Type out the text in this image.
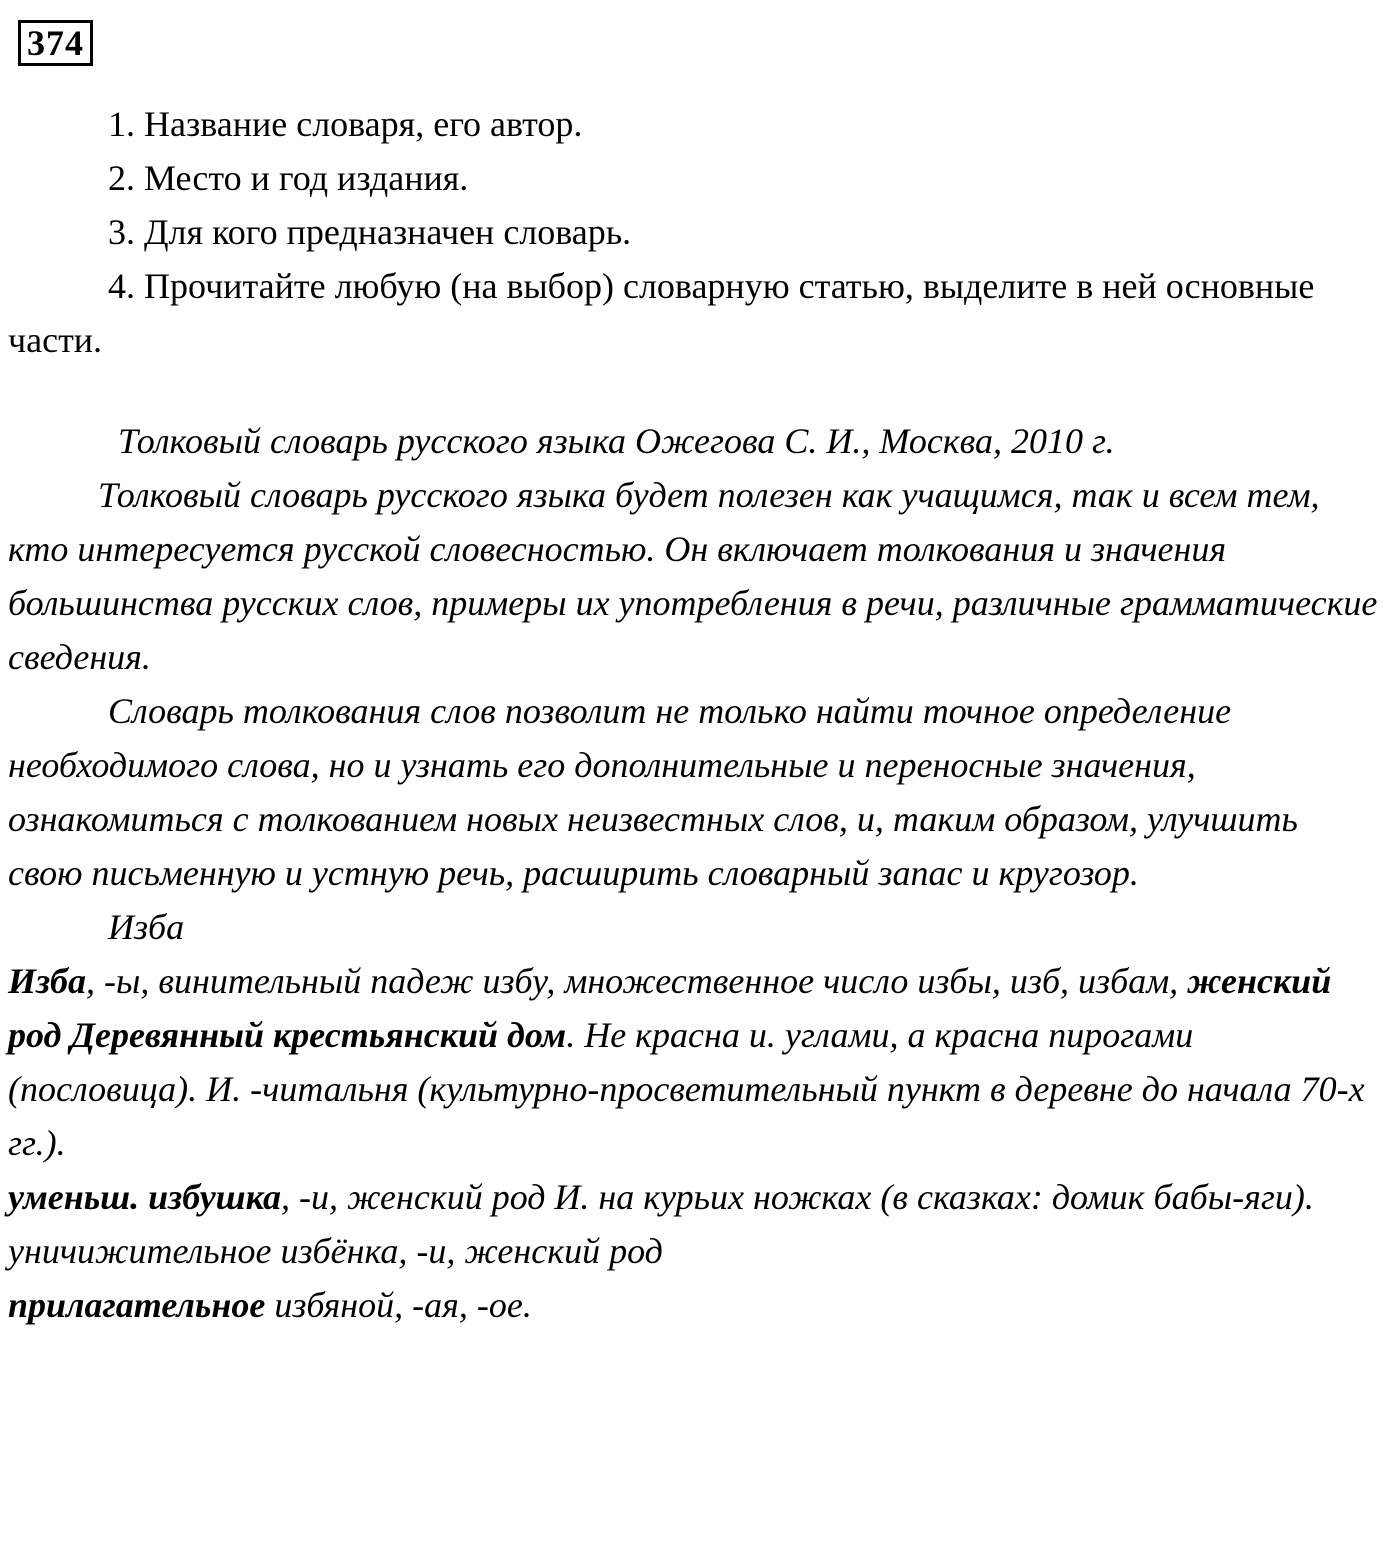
374

1. Название словаря, его автор.

2. Место и год издания.

3. Для кого предназначен словарь.

4. Прочитайте любую (на выбор) словарную статью, выделите в ней основные части.

Толковый словарь русского языка Ожегова С. И., Москва, 2010 г.

Толковый словарь русского языка будет полезен как учащимся, так и всем тем, кто интересуется русской словесностью. Он включает толкования и значения большинства русских слов, примеры их употребления в речи, различные грамматические сведения.

Словарь толкования слов позволит не только найти точное определение необходимого слова, но и узнать его дополнительные и переносные значения, ознакомиться с толкованием новых неизвестных слов, и, таким образом, улучшить свою письменную и устную речь, расширить словарный запас и кругозор.

Изба

Изба, -ы, винительный падеж избу, множественное число избы, изб, избам, женский род Деревянный крестьянский дом. Не красна и. углами, а красна пирогами (пословица). И. -читальня (культурно-просветительный пункт в деревне до начала 70-х гг.).

уменьш. избушка, -и, женский род И. на курьих ножках (в сказках: домик бабы-яги).

уничижительное избёнка, -и, женский род

прилагательное избяной, -ая, -ое.
